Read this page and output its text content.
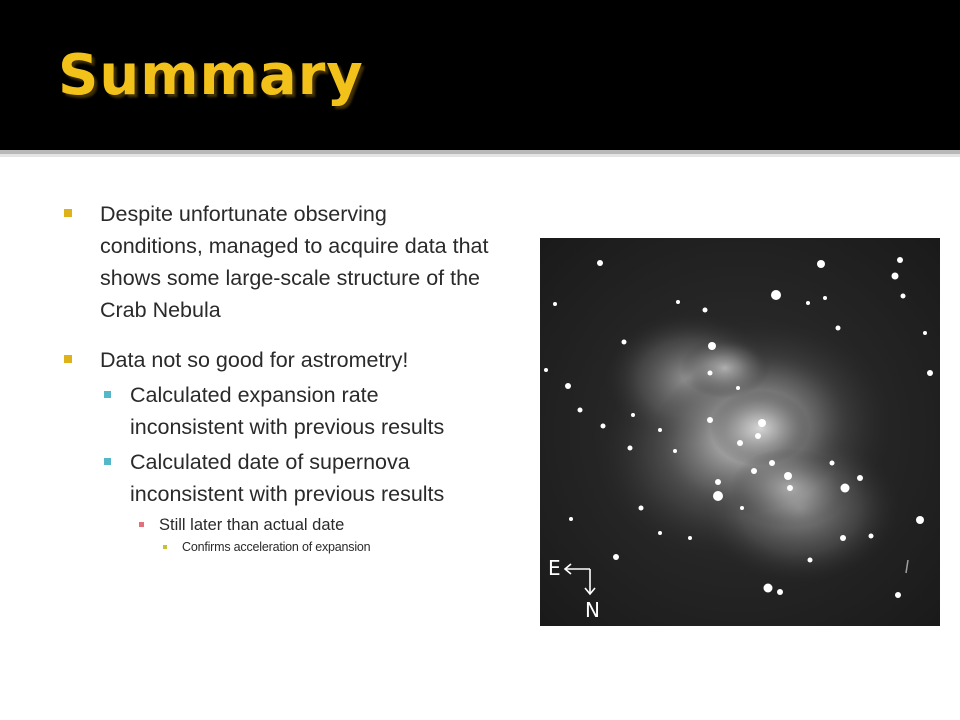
Summary

Despite unfortunate observing conditions, managed to acquire data that shows some large-scale structure of the Crab Nebula

Data not so good for astrometry!

Calculated expansion rate inconsistent with previous results

Calculated date of supernova inconsistent with previous results

Still later than actual date

Confirms acceleration of expansion

E
N
